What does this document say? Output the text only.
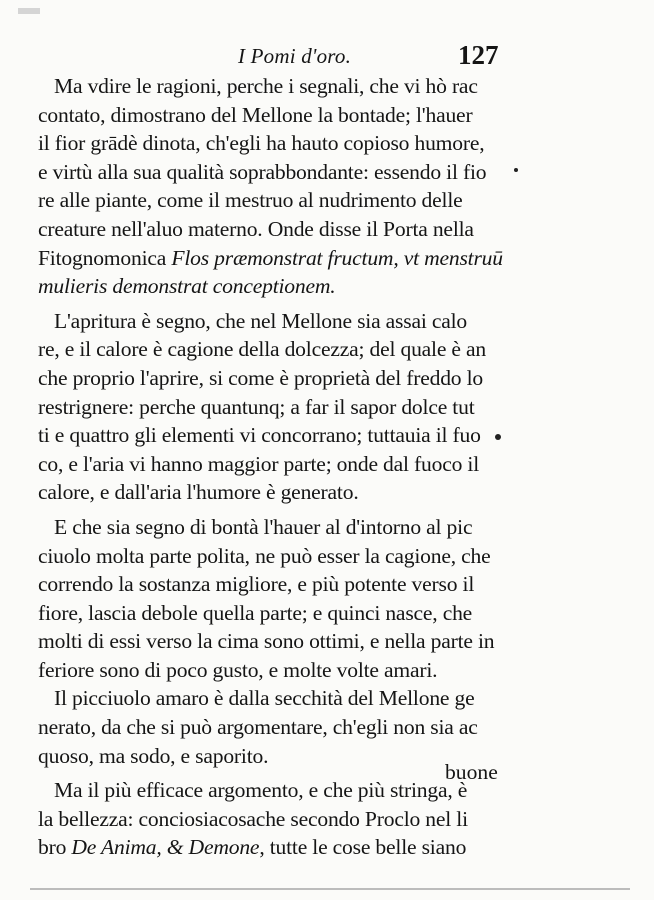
I Pomi d'oro.	127
Ma vdire le ragioni, perche i segnali, che vi hò rac
contato, dimostrano del Mellone la bontade; l'hauer
il fior grādè dinota, ch'egli ha hauto copioso humore,
e virtù alla sua qualità soprabbondante: essendo il fio
re alle piante, come il mestruo al nudrimento delle
creature nell'aluo materno. Onde disse il Porta nella
Fitognomonica Flos præmonstrat fructum, vt menstruū
mulieris demonstrat conceptionem.
L'apritura è segno, che nel Mellone sia assai calo
re, e il calore è cagione della dolcezza; del quale è an
che proprio l'aprire, si come è proprietà del freddo lo
restrignere: perche quantunq; a far il sapor dolce tut
ti e quattro gli elementi vi concorrano; tuttauia il fuo
co, e l'aria vi hanno maggior parte; onde dal fuoco il
calore, e dall'aria l'humore è generato.
E che sia segno di bontà l'hauer al d'intorno al pic
ciuolo molta parte polita, ne può esser la cagione, che
correndo la sostanza migliore, e più potente verso il
fiore, lascia debole quella parte; e quinci nasce, che
molti di essi verso la cima sono ottimi, e nella parte in
feriore sono di poco gusto, e molte volte amari.
Il picciuolo amaro è dalla secchità del Mellone ge
nerato, da che si può argomentare, ch'egli non sia ac
quoso, ma sodo, e saporito.
Ma il più efficace argomento, e che più stringa, è
la bellezza: conciosiacosache secondo Proclo nel li
bro De Anima, & Demone, tutte le cose belle siano
buone
